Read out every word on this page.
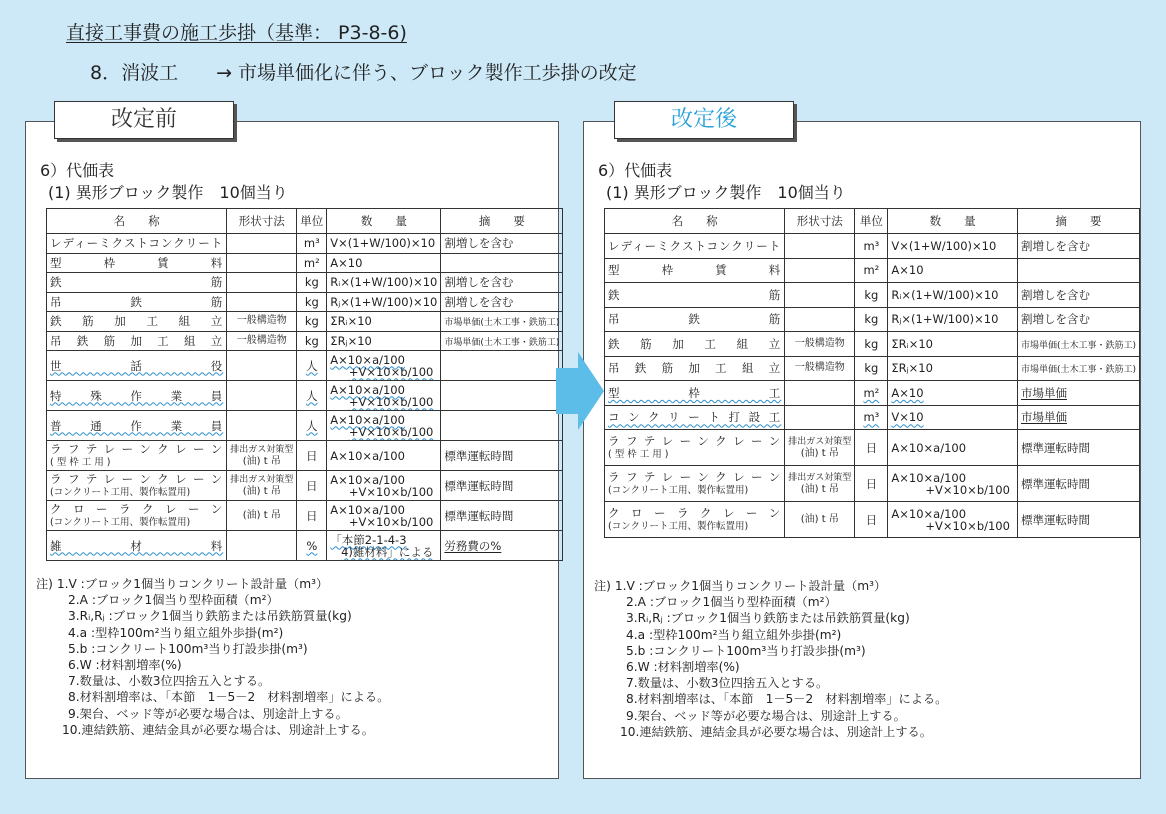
直接工事費の施工歩掛（基準： P3-8-6)
8．消波工　　→ 市場単価化に伴う、ブロック製作工歩掛の改定
6）代価表
(1) 異形ブロック製作　10個当り
名　　称	形状寸法	単位	数　　量	摘　　要
レディーミクストコンクリート		m³	V×(1+W/100)×10	割増しを含む
型枠賃料		m²	A×10	

鉄筋		kg	Rᵢ×(1+W/100)×10	割増しを含む
吊鉄筋		kg	Rⱼ×(1+W/100)×10	割増しを含む
鉄筋加工組立	一般構造物	kg	ΣRᵢ×10	市場単価(土木工事・鉄筋工)
吊鉄筋加工組立	一般構造物	kg	ΣRⱼ×10	市場単価(土木工事・鉄筋工)
世話役		人	A×10×a/100
+V×10×b/100	

特殊作業員		人	A×10×a/100
+V×10×b/100	

普通作業員		人	A×10×a/100
+V×10×b/100	

ラフテレーンクレーン
( 型 枠 工 用 )	排出ガス対策型
(油) t 吊	日	A×10×a/100	標準運転時間
ラフテレーンクレーン
(コンクリート工用、製作転置用)	排出ガス対策型
(油) t 吊	日	A×10×a/100
+V×10×b/100	標準運転時間
クローラクレーン
(コンクリート工用、製作転置用)	(油) t 吊	日	A×10×a/100
+V×10×b/100	標準運転時間
雑材料		%	「本節2-1-4-3
4)雑材料」による	労務費の%
注) 1.V :ブロック1個当りコンクリート設計量（m³）
2.A :ブロック1個当り型枠面積（m²）
3.Rᵢ,Rⱼ :ブロック1個当り鉄筋または吊鉄筋質量(kg)
4.a :型枠100m²当り組立組外歩掛(m²)
5.b :コンクリート100m³当り打設歩掛(m³)
6.W :材料割増率(%)
7.数量は、小数3位四捨五入とする。
8.材料割増率は、「本節　1－5－2　材料割増率」による。
9.架台、ベッド等が必要な場合は、別途計上する。
10.連結鉄筋、連結金具が必要な場合は、別途計上する。
6）代価表
(1) 異形ブロック製作　10個当り
名　　称	形状寸法	単位	数　　量	摘　　要
レディーミクストコンクリート		m³	V×(1+W/100)×10	割増しを含む
型枠賃料		m²	A×10	

鉄筋		kg	Rᵢ×(1+W/100)×10	割増しを含む
吊鉄筋		kg	Rⱼ×(1+W/100)×10	割増しを含む
鉄筋加工組立	一般構造物	kg	ΣRᵢ×10	市場単価(土木工事・鉄筋工)
吊鉄筋加工組立	一般構造物	kg	ΣRⱼ×10	市場単価(土木工事・鉄筋工)
型枠工		m²	A×10	市場単価
コンクリート打設工		m³	V×10	市場単価
ラフテレーンクレーン
( 型 枠 工 用 )	排出ガス対策型
(油) t 吊	日	A×10×a/100	標準運転時間
ラフテレーンクレーン
(コンクリート工用、製作転置用)	排出ガス対策型
(油) t 吊	日	A×10×a/100
+V×10×b/100	標準運転時間
クローラクレーン
(コンクリート工用、製作転置用)	(油) t 吊	日	A×10×a/100
+V×10×b/100	標準運転時間
注) 1.V :ブロック1個当りコンクリート設計量（m³）
2.A :ブロック1個当り型枠面積（m²）
3.Rᵢ,Rⱼ :ブロック1個当り鉄筋または吊鉄筋質量(kg)
4.a :型枠100m²当り組立組外歩掛(m²)
5.b :コンクリート100m³当り打設歩掛(m³)
6.W :材料割増率(%)
7.数量は、小数3位四捨五入とする。
8.材料割増率は、「本節　1－5－2　材料割増率」による。
9.架台、ベッド等が必要な場合は、別途計上する。
10.連結鉄筋、連結金具が必要な場合は、別途計上する。
改定前	改定後
